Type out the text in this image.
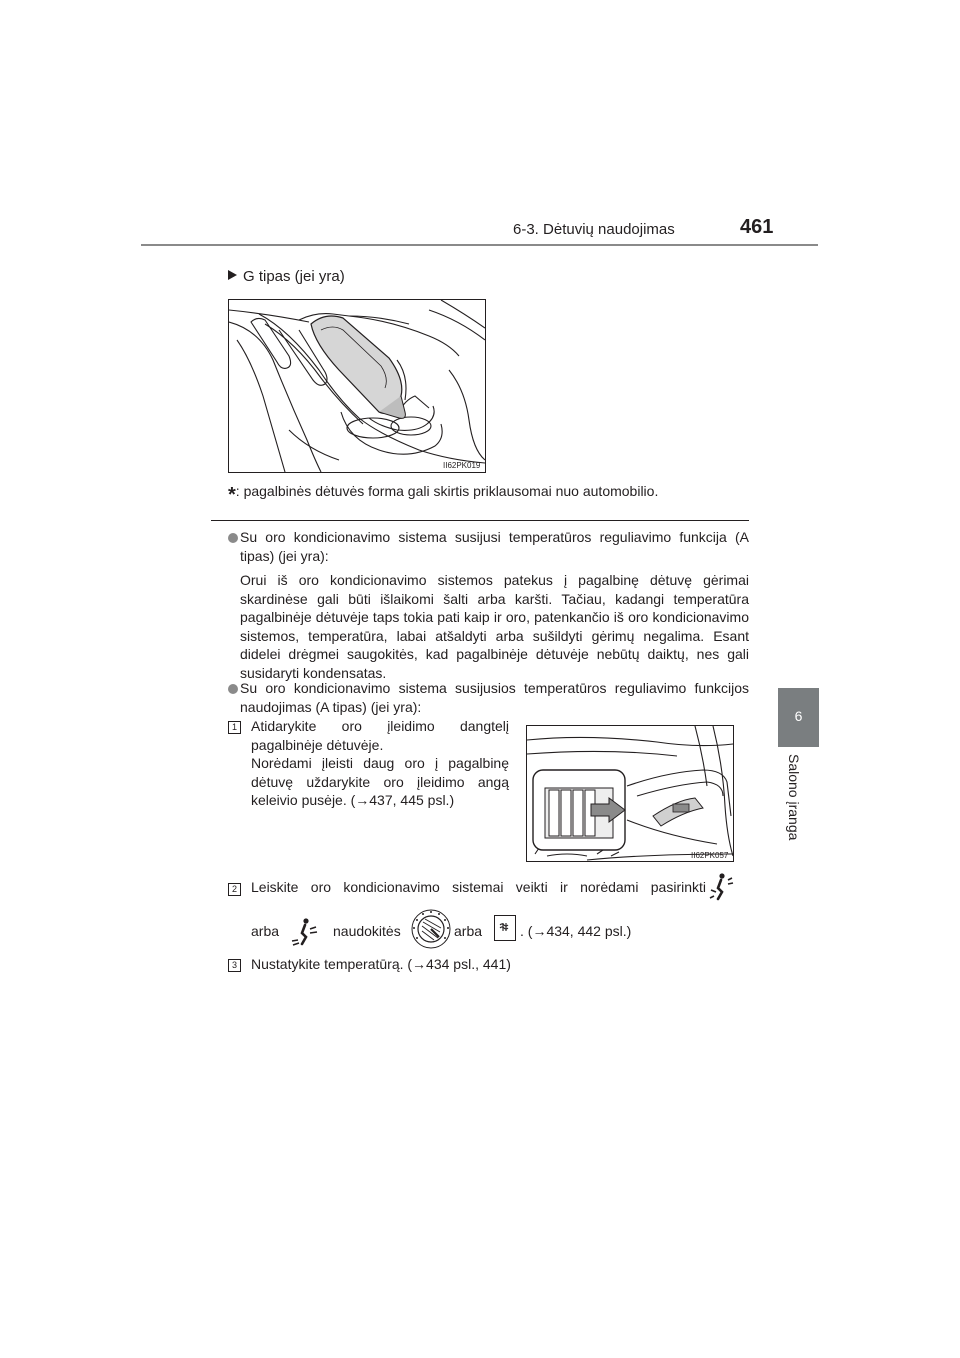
6-3. Dėtuvių naudojimas	461
6
Salono įranga
G tipas (jei yra)
II62PK019
*: pagalbinės dėtuvės forma gali skirtis priklausomai nuo automobilio.
Su oro kondicionavimo sistema susijusi temperatūros reguliavimo funkcija (A tipas) (jei yra):
Orui iš oro kondicionavimo sistemos patekus į pagalbinę dėtuvę gėrimai skardinėse gali būti išlaikomi šalti arba karšti. Tačiau, kadangi temperatūra pagalbinėje dėtuvėje taps tokia pati kaip ir oro, patenkančio iš oro kondicionavimo sistemos, temperatūra, labai atšaldyti arba sušildyti gėrimų negalima. Esant didelei drėgmei saugokitės, kad pagalbinėje dėtuvėje nebūtų daiktų, nes gali susidaryti kondensatas.
Su oro kondicionavimo sistema susijusios temperatūros reguliavimo funkcijos naudojimas (A tipas) (jei yra):
1 Atidarykite oro įleidimo dangtelį pagalbinėje dėtuvėje.
Norėdami įleisti daug oro į pagalbinę dėtuvę uždarykite oro įleidimo angą keleivio pusėje. (→437, 445 psl.)
II62PK057
2 Leiskite oro kondicionavimo sistemai veikti ir norėdami pasirinkti
arba	naudokitės	arba	. (→434, 442 psl.)
3 Nustatykite temperatūrą. (→434 psl., 441)
